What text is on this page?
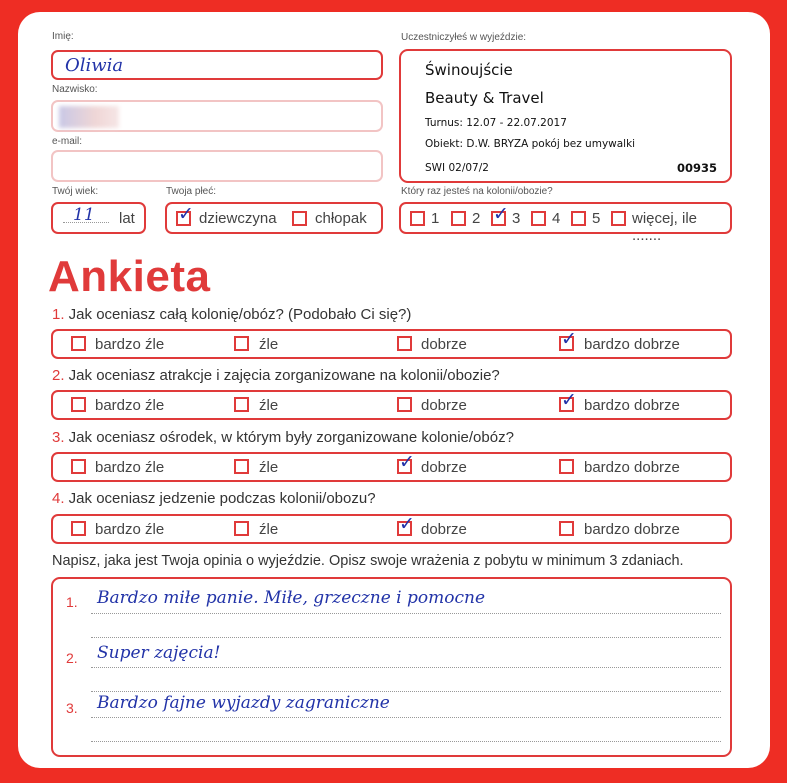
Imię:
Oliwia
Nazwisko:
e-mail:
Uczestniczyłeś w wyjeździe:
Świnoujście
Beauty & Travel
Turnus: 12.07 - 22.07.2017
Obiekt: D.W. BRYZA pokój bez umywalki
SWI 02/07/2	00935
Twój wiek:
11 lat
Twoja płeć:
✓ dziewczyna	chłopak
Który raz jesteś na kolonii/obozie?
1 2 ✓ 3 4 5 więcej, ile .......
Ankieta
1. Jak oceniasz całą kolonię/obóz? (Podobało Ci się?)
bardzo źle	źle	dobrze	✓ bardzo dobrze
2. Jak oceniasz atrakcje i zajęcia zorganizowane na kolonii/obozie?
bardzo źle	źle	dobrze	✓ bardzo dobrze
3. Jak oceniasz ośrodek, w którym były zorganizowane kolonie/obóz?
bardzo źle	źle	✓ dobrze	bardzo dobrze
4. Jak oceniasz jedzenie podczas kolonii/obozu?
bardzo źle	źle	✓ dobrze	bardzo dobrze
Napisz, jaka jest Twoja opinia o wyjeździe. Opisz swoje wrażenia z pobytu w minimum 3 zdaniach.
1. Bardzo miłe panie. Miłe, grzeczne i pomocne
2. Super zajęcia!
3. Bardzo fajne wyjazdy zagraniczne
